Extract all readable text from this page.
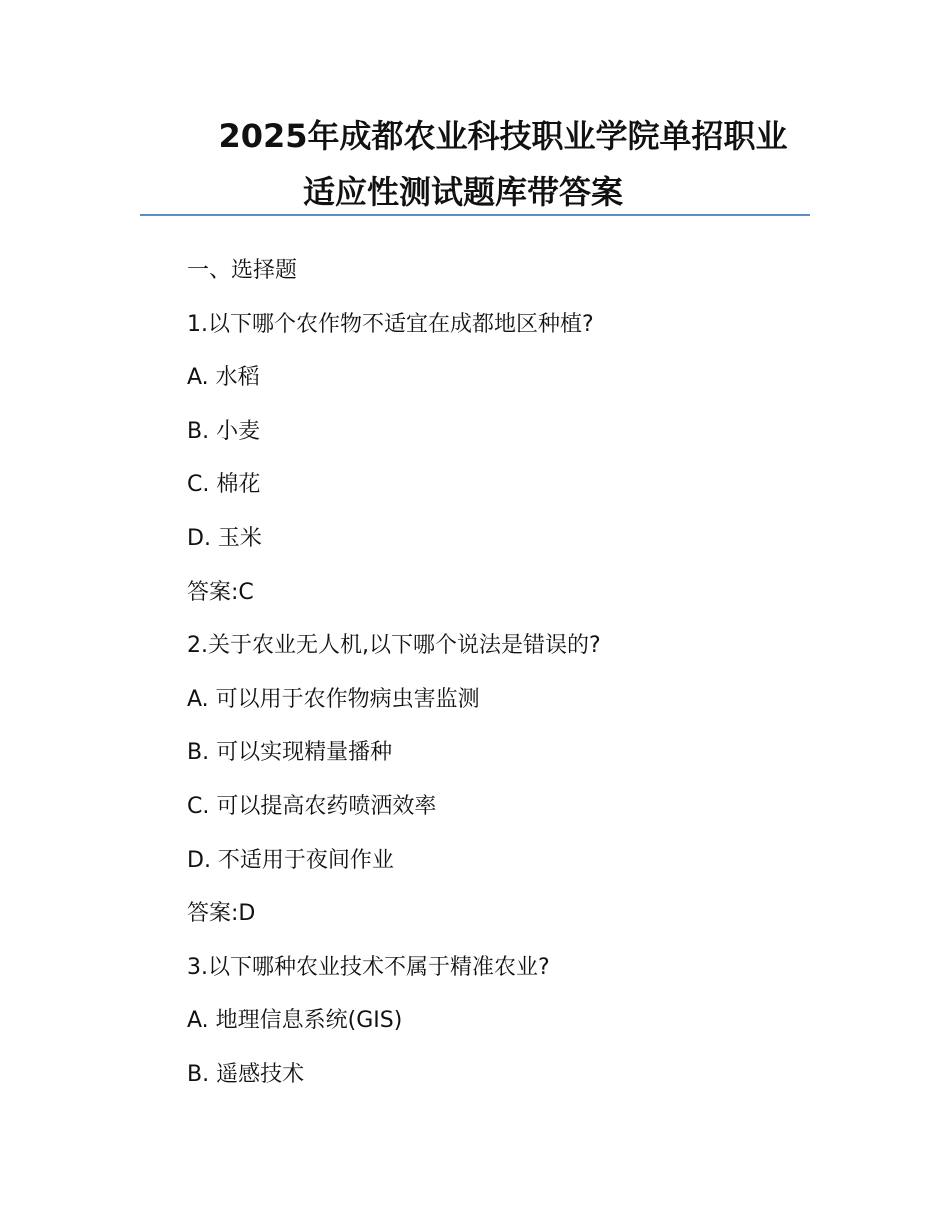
2025年成都农业科技职业学院单招职业
适应性测试题库带答案
一、选择题
1.以下哪个农作物不适宜在成都地区种植?
A. 水稻
B. 小麦
C. 棉花
D. 玉米
答案:C
2.关于农业无人机,以下哪个说法是错误的?
A. 可以用于农作物病虫害监测
B. 可以实现精量播种
C. 可以提高农药喷洒效率
D. 不适用于夜间作业
答案:D
3.以下哪种农业技术不属于精准农业?
A. 地理信息系统(GIS)
B. 遥感技术
